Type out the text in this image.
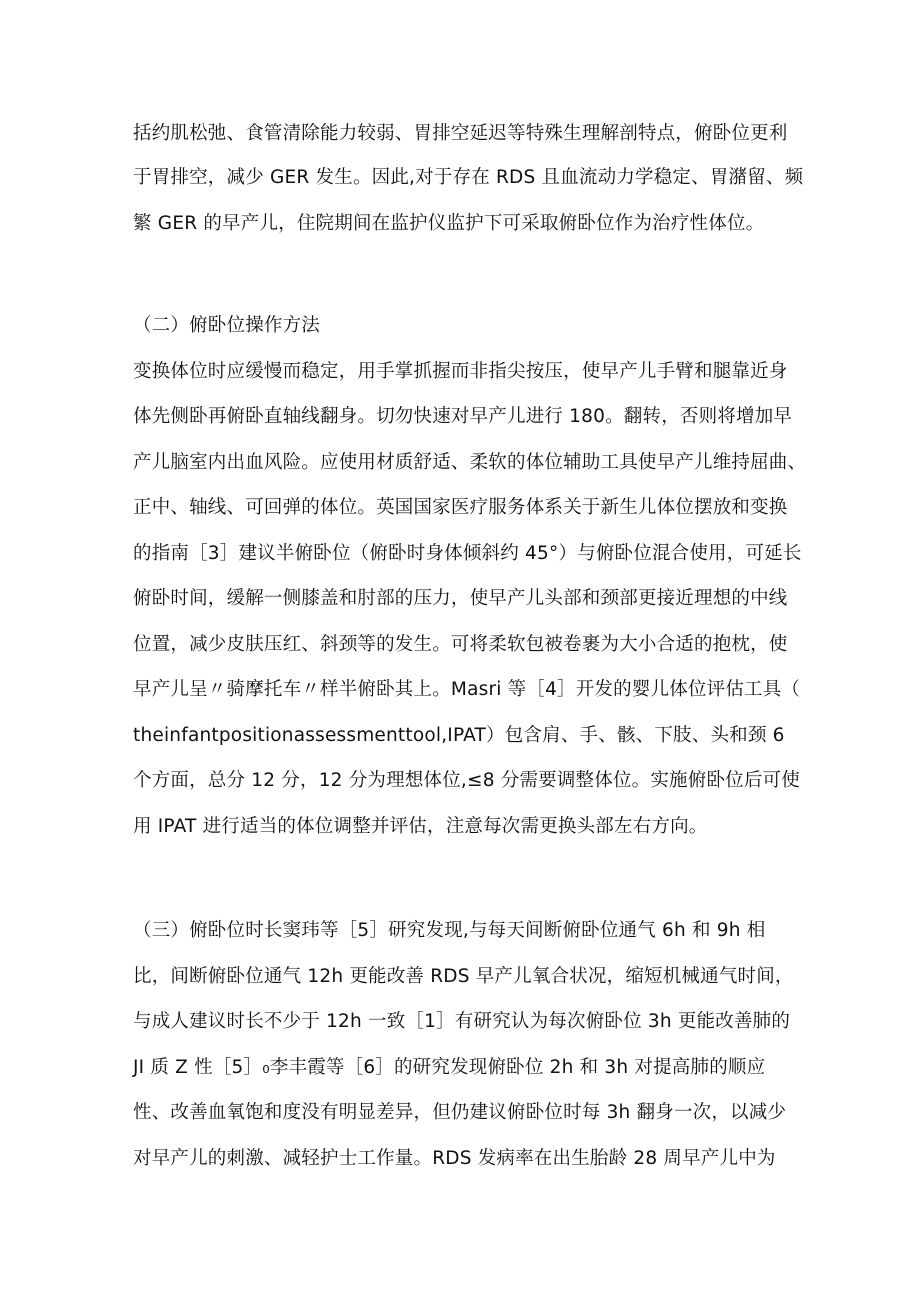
括约肌松弛、食管清除能力较弱、胃排空延迟等特殊生理解剖特点，俯卧位更利
于胃排空，减少 GER 发生。因此,对于存在 RDS 且血流动力学稳定、胃潴留、频
繁 GER 的早产儿，住院期间在监护仪监护下可采取俯卧位作为治疗性体位。
（二）俯卧位操作方法
变换体位时应缓慢而稳定，用手掌抓握而非指尖按压，使早产儿手臂和腿靠近身
体先侧卧再俯卧直轴线翻身。切勿快速对早产儿进行 180。翻转，否则将增加早
产儿脑室内出血风险。应使用材质舒适、柔软的体位辅助工具使早产儿维持屈曲、
正中、轴线、可回弹的体位。英国国家医疗服务体系关于新生儿体位摆放和变换
的指南［3］建议半俯卧位（俯卧时身体倾斜约 45°）与俯卧位混合使用，可延长
俯卧时间，缓解一侧膝盖和肘部的压力，使早产儿头部和颈部更接近理想的中线
位置，减少皮肤压红、斜颈等的发生。可将柔软包被卷裹为大小合适的抱枕，使
早产儿呈〃骑摩托车〃样半俯卧其上。Masri 等［4］开发的婴儿体位评估工具（
theinfantpositionassessmenttool,IPAT）包含肩、手、骸、下肢、头和颈 6
个方面，总分 12 分，12 分为理想体位,≤8 分需要调整体位。实施俯卧位后可使
用 IPAT 进行适当的体位调整并评估，注意每次需更换头部左右方向。
（三）俯卧位时长窦玮等［5］研究发现,与每天间断俯卧位通气 6h 和 9h 相
比，间断俯卧位通气 12h 更能改善 RDS 早产儿氧合状况，缩短机械通气时间，
与成人建议时长不少于 12h 一致［1］有研究认为每次俯卧位 3h 更能改善肺的
JI 质 Z 性［5］₀李丰霞等［6］的研究发现俯卧位 2h 和 3h 对提高肺的顺应
性、改善血氧饱和度没有明显差异，但仍建议俯卧位时每 3h 翻身一次，以减少
对早产儿的刺激、减轻护士工作量。RDS 发病率在出生胎龄 28 周早产儿中为
